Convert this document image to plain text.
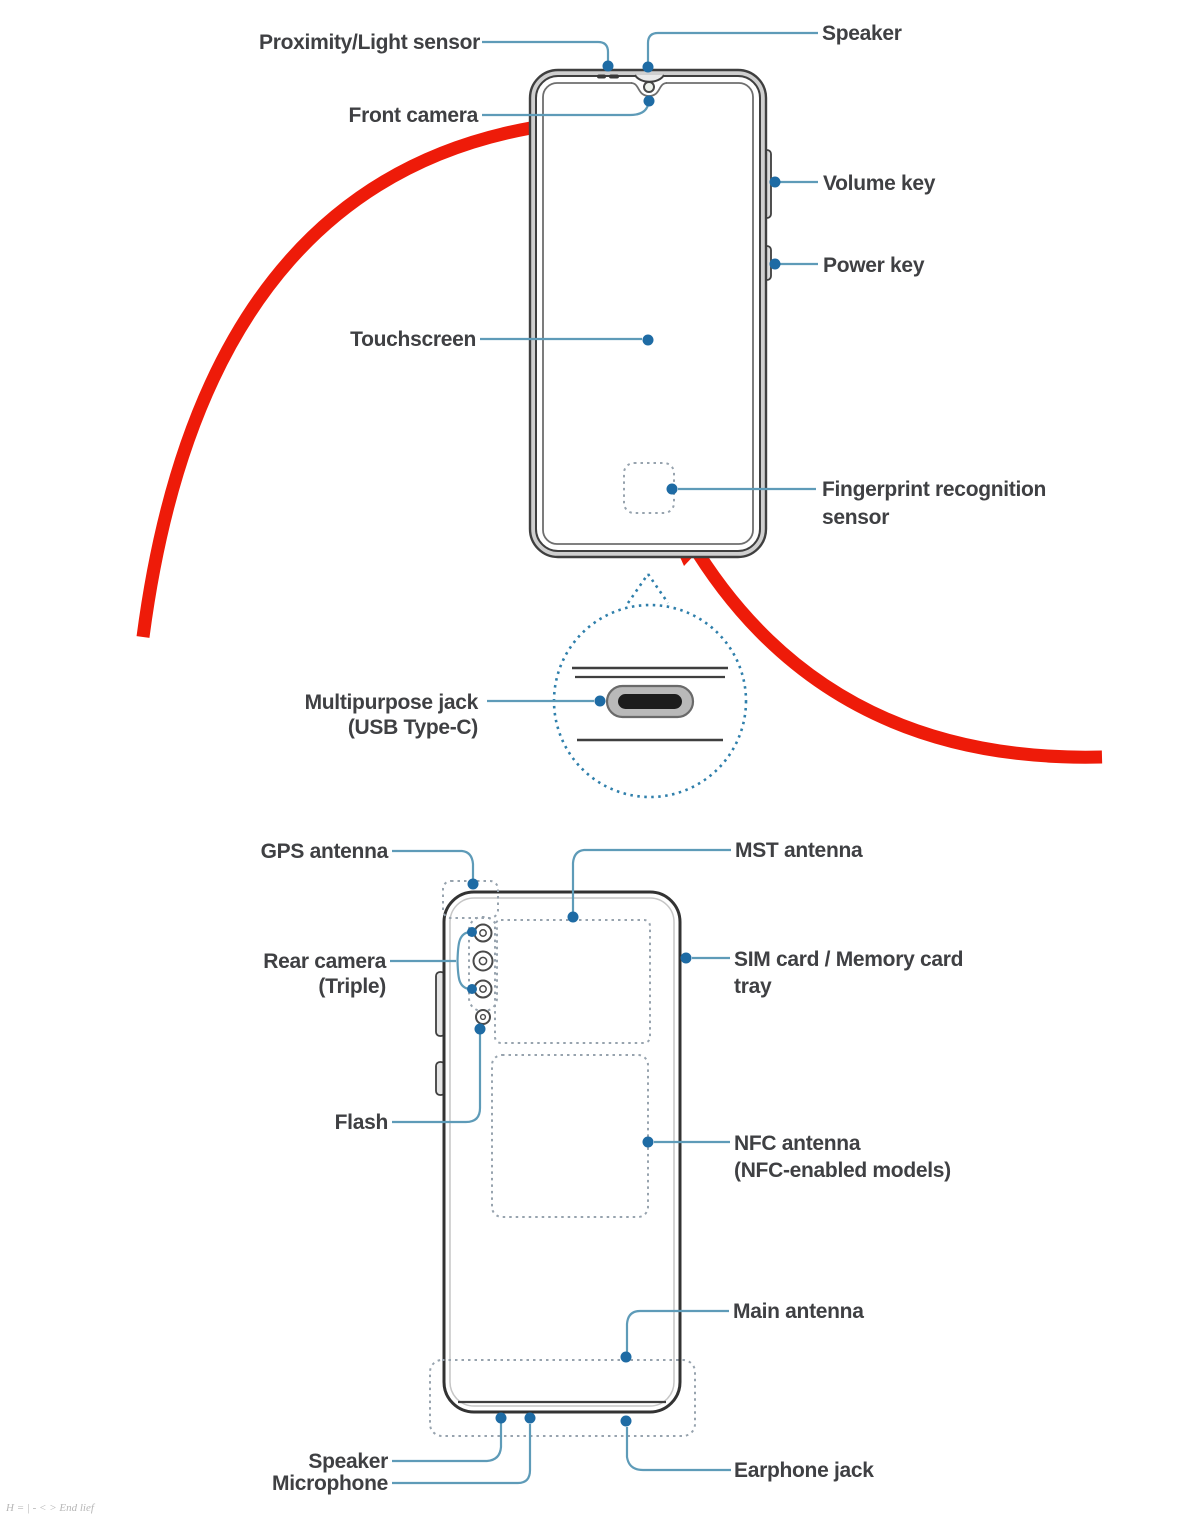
Proximity/Light sensor	Speaker
Front camera
Volume key
Power key
Touchscreen
Fingerprint recognition
sensor
Multipurpose jack
(USB Type-C)
GPS antenna	MST antenna
Rear camera
(Triple)
SIM card / Memory card
tray
Flash
NFC antenna
(NFC-enabled models)
Main antenna
Speaker	Earphone jack
Microphone
H = | - < > End lief
